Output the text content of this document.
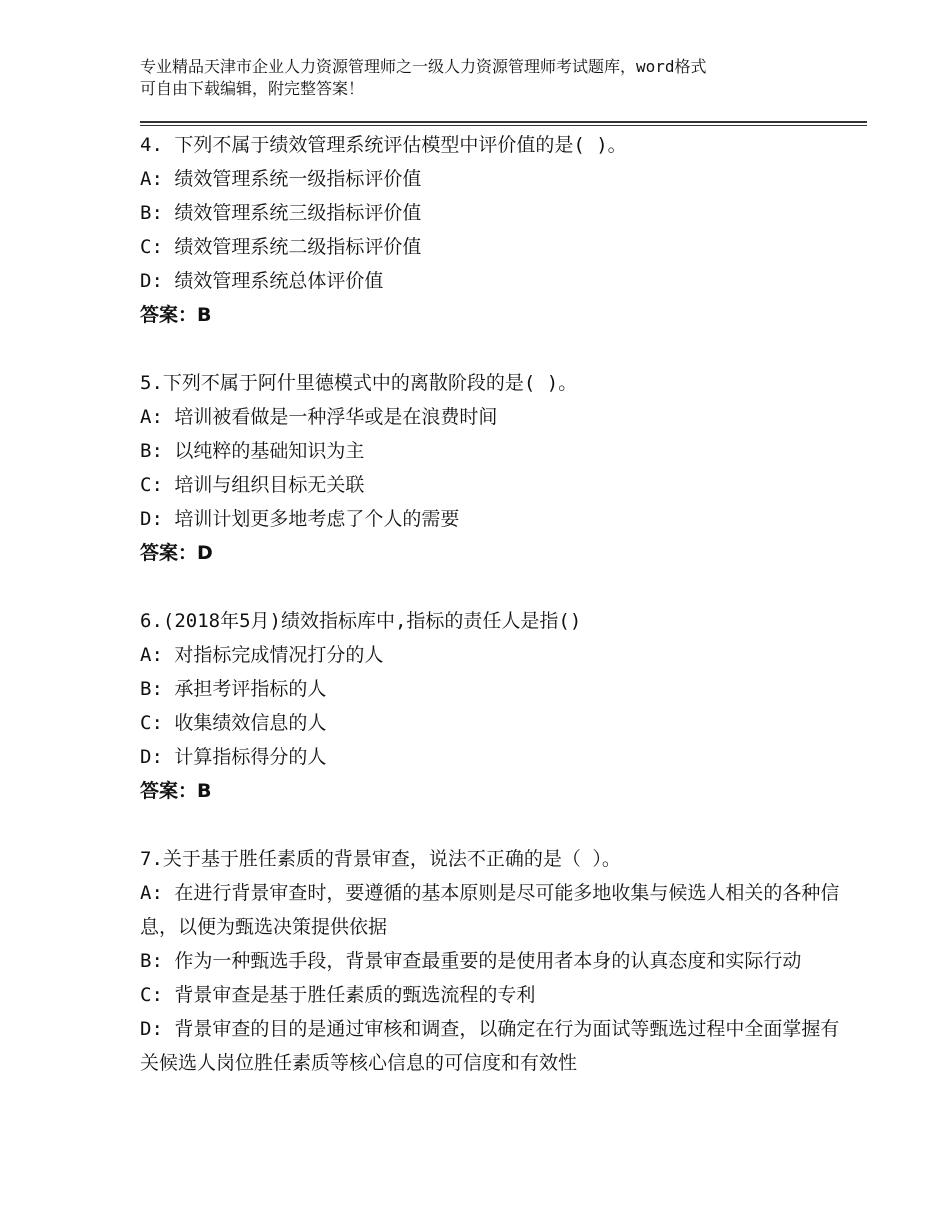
专业精品天津市企业人力资源管理师之一级人力资源管理师考试题库，word格式
可自由下载编辑，附完整答案！
4. 下列不属于绩效管理系统评估模型中评价值的是( )。
A: 绩效管理系统一级指标评价值
B: 绩效管理系统三级指标评价值
C: 绩效管理系统二级指标评价值
D: 绩效管理系统总体评价值
答案：B
5.下列不属于阿什里德模式中的离散阶段的是( )。
A: 培训被看做是一种浮华或是在浪费时间
B: 以纯粹的基础知识为主
C: 培训与组织目标无关联
D: 培训计划更多地考虑了个人的需要
答案：D
6.(2018年5月)绩效指标库中,指标的责任人是指()
A: 对指标完成情况打分的人
B: 承担考评指标的人
C: 收集绩效信息的人
D: 计算指标得分的人
答案：B
7.关于基于胜任素质的背景审查，说法不正确的是（ ）。
A: 在进行背景审查时，要遵循的基本原则是尽可能多地收集与候选人相关的各种信息，以便为甄选决策提供依据
B: 作为一种甄选手段，背景审查最重要的是使用者本身的认真态度和实际行动
C: 背景审查是基于胜任素质的甄选流程的专利
D: 背景审查的目的是通过审核和调查，以确定在行为面试等甄选过程中全面掌握有关候选人岗位胜任素质等核心信息的可信度和有效性
